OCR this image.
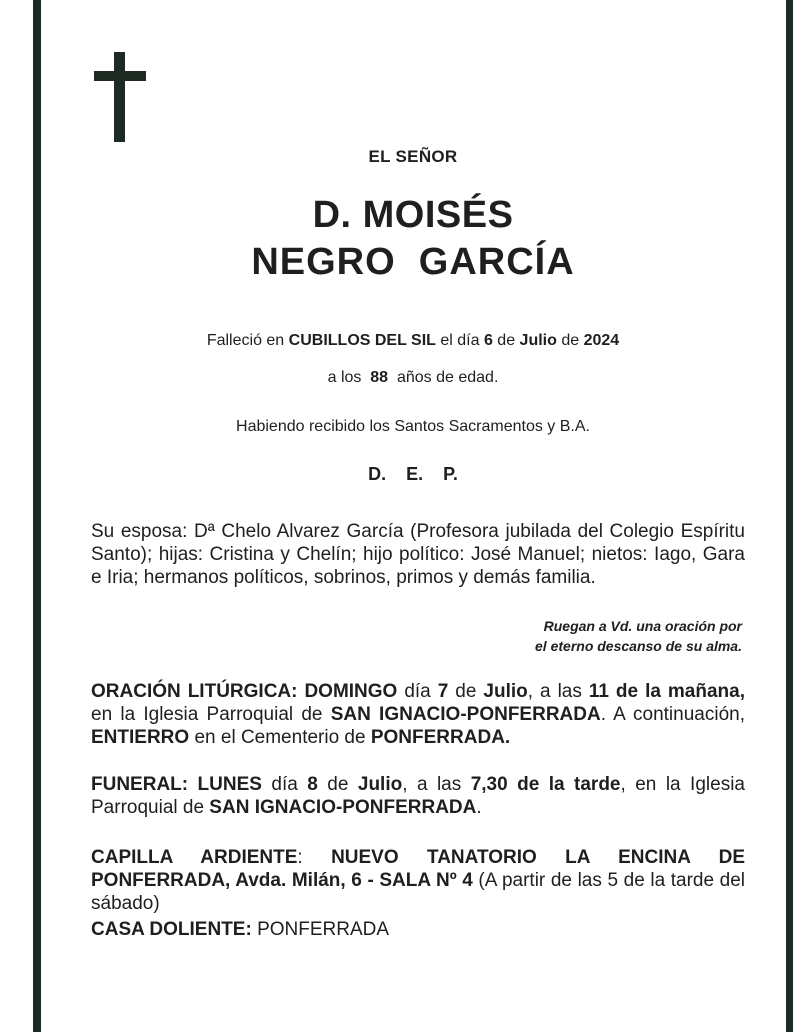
EL SEÑOR
D. MOISÉS
NEGRO  GARCÍA
Falleció en CUBILLOS DEL SIL el día 6 de Julio de 2024
a los  88  años de edad.
Habiendo recibido los Santos Sacramentos y B.A.
D.    E.    P.
Su esposa: Dª Chelo Alvarez García (Profesora jubilada del Colegio Espíritu Santo); hijas: Cristina y Chelín; hijo político: José Manuel; nietos: Iago, Gara e Iria; hermanos políticos, sobrinos, primos y demás familia.
Ruegan a Vd. una oración por
el eterno descanso de su alma.
ORACIÓN LITÚRGICA: DOMINGO día 7 de Julio, a las 11 de la mañana, en la Iglesia Parroquial de SAN IGNACIO-PONFERRADA. A continuación, ENTIERRO en el Cementerio de PONFERRADA.
FUNERAL: LUNES día 8 de Julio, a las 7,30 de la tarde, en la Iglesia Parroquial de SAN IGNACIO-PONFERRADA.
CAPILLA ARDIENTE: NUEVO TANATORIO LA ENCINA DE PONFERRADA, Avda. Milán, 6 - SALA Nº 4 (A partir de las 5 de la tarde del sábado)
CASA DOLIENTE: PONFERRADA
